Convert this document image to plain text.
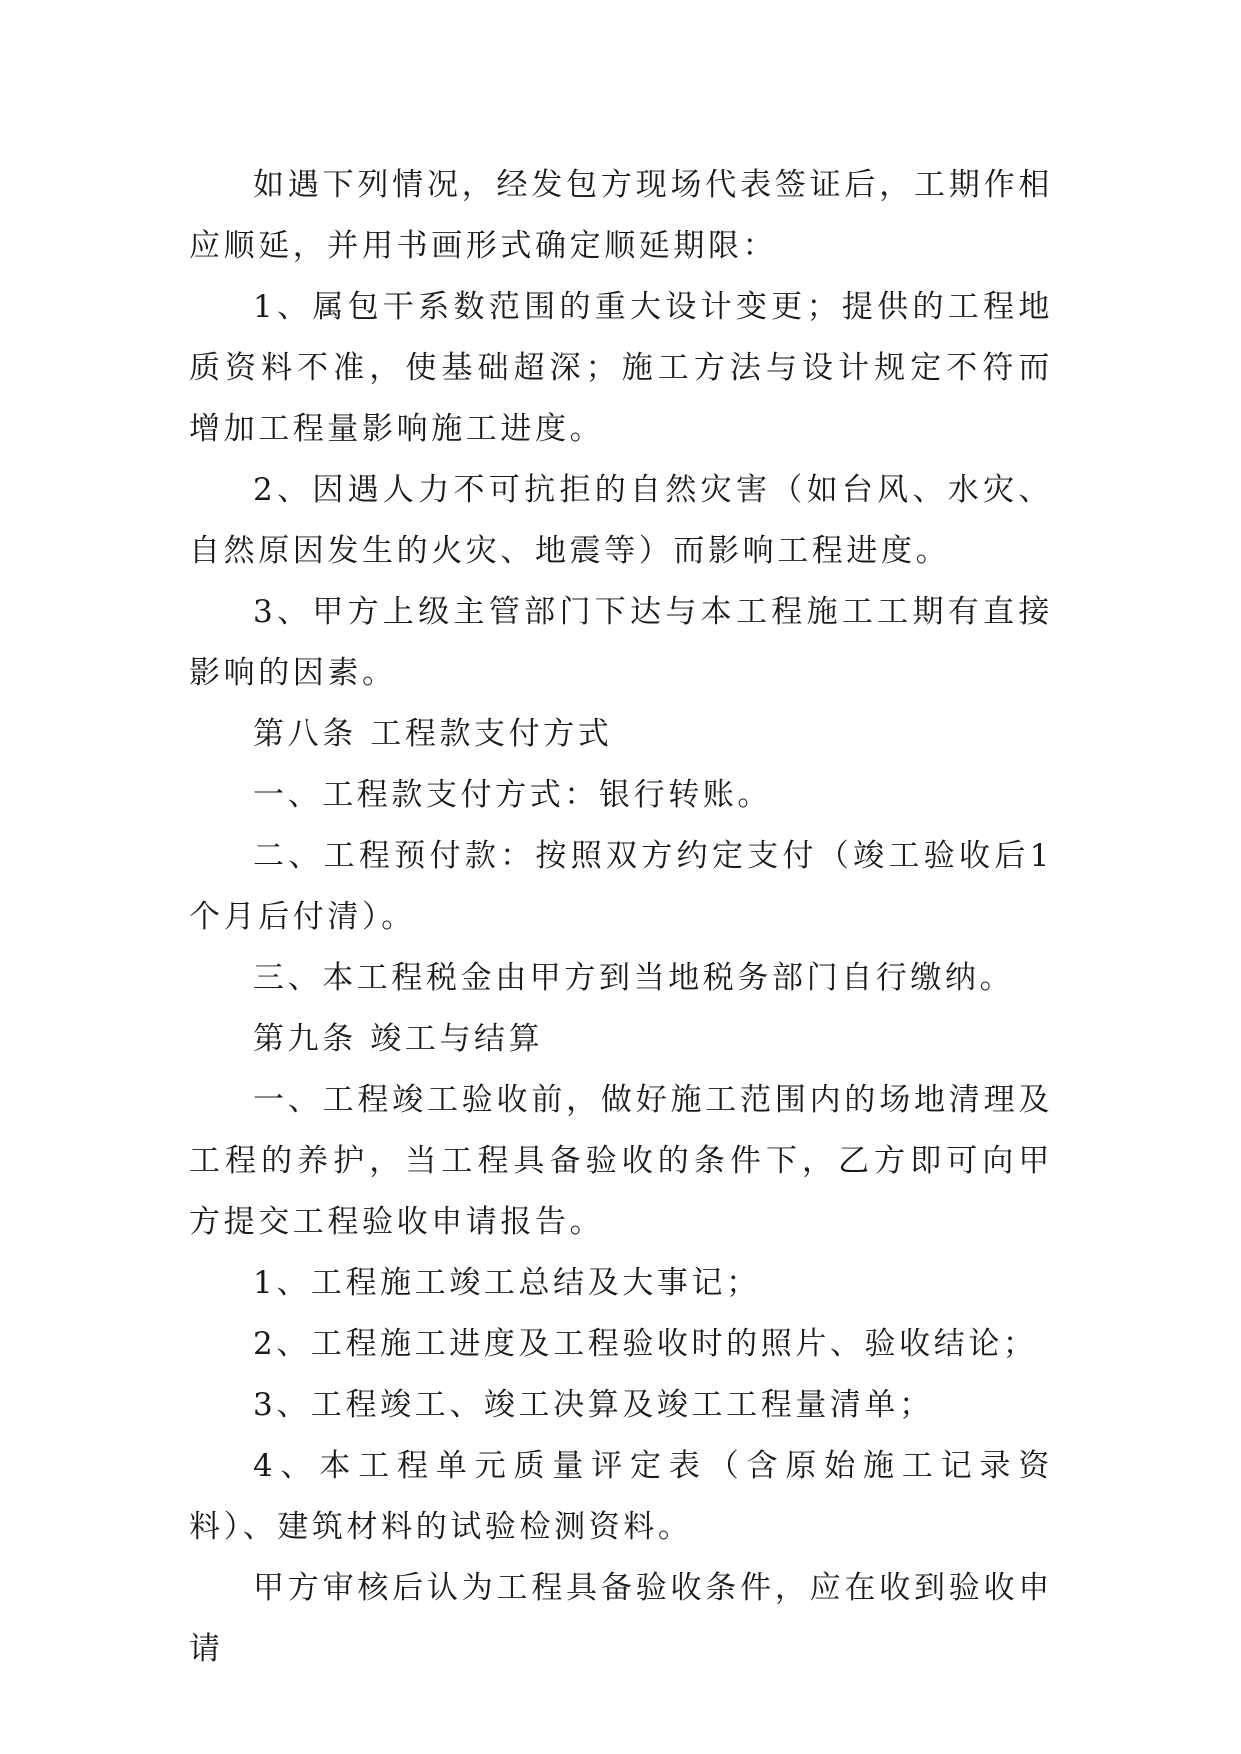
如遇下列情况，经发包方现场代表签证后，工期作相应顺延，并用书画形式确定顺延期限：

1、属包干系数范围的重大设计变更；提供的工程地质资料不准，使基础超深；施工方法与设计规定不符而增加工程量影响施工进度。

2、因遇人力不可抗拒的自然灾害（如台风、水灾、自然原因发生的火灾、地震等）而影响工程进度。

3、甲方上级主管部门下达与本工程施工工期有直接影响的因素。

第八条 工程款支付方式

一、工程款支付方式：银行转账。

二、工程预付款：按照双方约定支付（竣工验收后1个月后付清）。

三、本工程税金由甲方到当地税务部门自行缴纳。

第九条 竣工与结算

一、工程竣工验收前，做好施工范围内的场地清理及工程的养护，当工程具备验收的条件下，乙方即可向甲方提交工程验收申请报告。

1、工程施工竣工总结及大事记；

2、工程施工进度及工程验收时的照片、验收结论；

3、工程竣工、竣工决算及竣工工程量清单；

4、本工程单元质量评定表（含原始施工记录资料）、建筑材料的试验检测资料。

甲方审核后认为工程具备验收条件，应在收到验收申请
